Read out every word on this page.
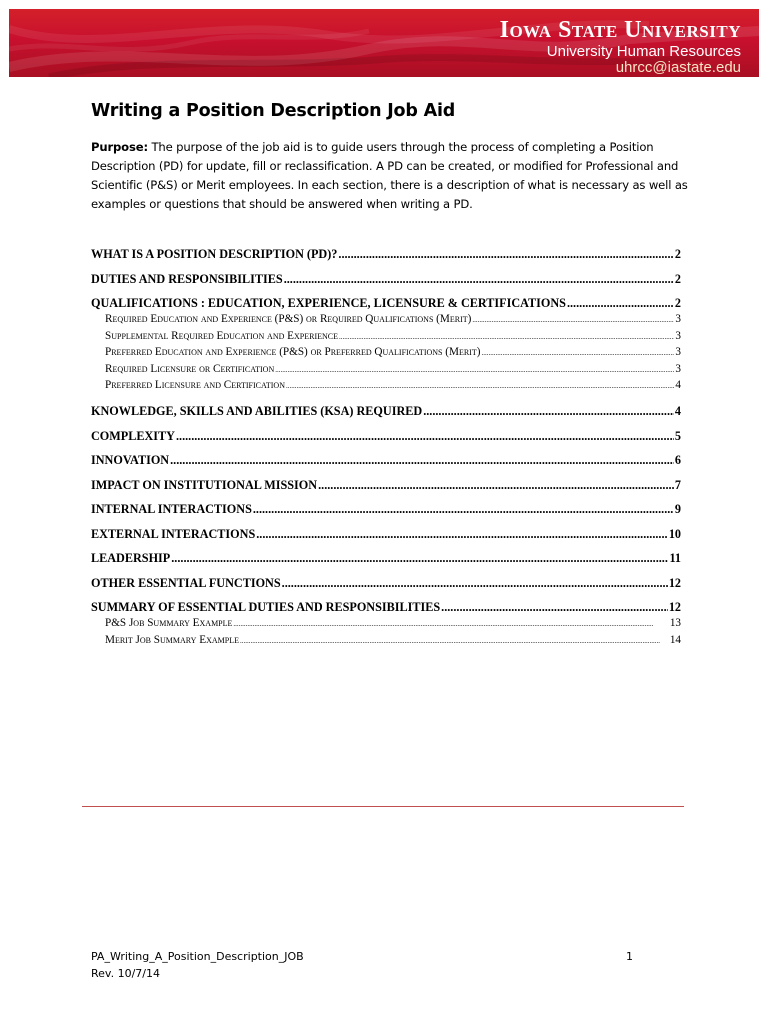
Iowa State University
University Human Resources
uhrcc@iastate.edu
Writing a Position Description Job Aid
Purpose: The purpose of the job aid is to guide users through the process of completing a Position Description (PD) for update, fill or reclassification. A PD can be created, or modified for Professional and Scientific (P&S) or Merit employees. In each section, there is a description of what is necessary as well as examples or questions that should be answered when writing a PD.
WHAT IS A POSITION DESCRIPTION (PD)? .....	2
DUTIES AND RESPONSIBILITIES .....	2
QUALIFICATIONS : EDUCATION, EXPERIENCE, LICENSURE & CERTIFICATIONS .....	2
Required Education and Experience (P&S) or Required Qualifications (Merit) .....	3
Supplemental Required Education and Experience .....	3
Preferred Education and Experience (P&S) or Preferred Qualifications (Merit) .....	3
Required Licensure or Certification .....	3
Preferred Licensure and Certification .....	4
KNOWLEDGE, SKILLS AND ABILITIES (KSA) REQUIRED .....	4
COMPLEXITY .....	5
INNOVATION .....	6
IMPACT ON INSTITUTIONAL MISSION .....	7
INTERNAL INTERACTIONS .....	9
EXTERNAL INTERACTIONS .....	10
LEADERSHIP .....	11
OTHER ESSENTIAL FUNCTIONS .....	12
SUMMARY OF ESSENTIAL DUTIES AND RESPONSIBILITIES .....	12
P&S Job Summary Example .....	13
Merit Job Summary Example .....	14
PA_Writing_A_Position_Description_JOB
Rev. 10/7/14
1
